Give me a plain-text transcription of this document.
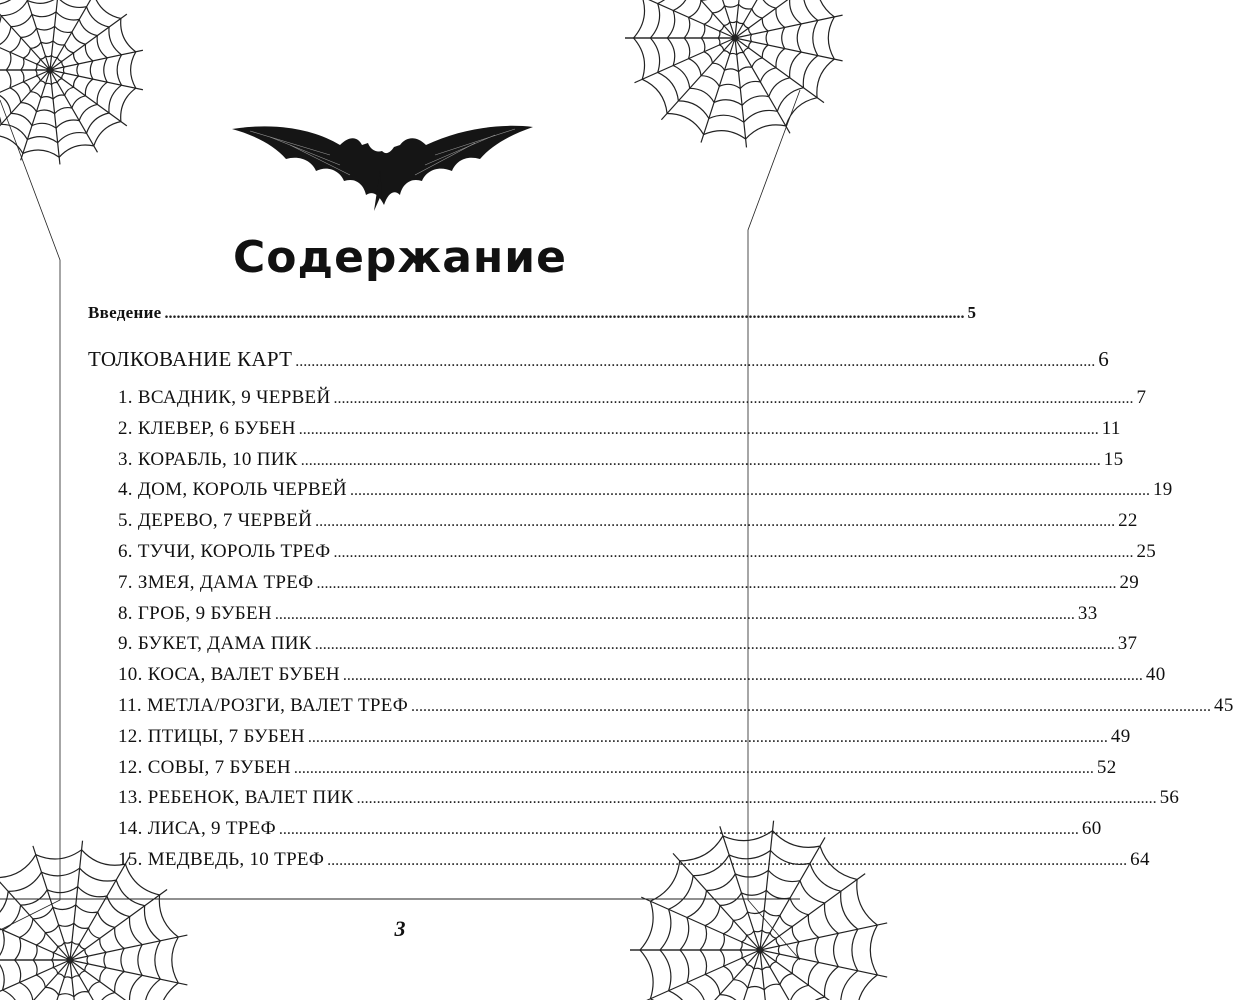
Содержание
Введение ........................................................................................................................................................................................................ 5
ТОЛКОВАНИЕ КАРТ ........................................................................................................................................................................................................ 6
1. ВСАДНИК, 9 ЧЕРВЕЙ ........................................................................................................................................................................................................ 7
2. КЛЕВЕР, 6 БУБЕН ........................................................................................................................................................................................................ 11
3. КОРАБЛЬ, 10 ПИК ........................................................................................................................................................................................................ 15
4. ДОМ, КОРОЛЬ ЧЕРВЕЙ ........................................................................................................................................................................................................ 19
5. ДЕРЕВО, 7 ЧЕРВЕЙ ........................................................................................................................................................................................................ 22
6. ТУЧИ, КОРОЛЬ ТРЕФ ........................................................................................................................................................................................................ 25
7. ЗМЕЯ, ДАМА ТРЕФ ........................................................................................................................................................................................................ 29
8. ГРОБ, 9 БУБЕН ........................................................................................................................................................................................................ 33
9. БУКЕТ, ДАМА ПИК ........................................................................................................................................................................................................ 37
10. КОСА, ВАЛЕТ БУБЕН ........................................................................................................................................................................................................ 40
11. МЕТЛА/РОЗГИ, ВАЛЕТ ТРЕФ ........................................................................................................................................................................................................ 45
12. ПТИЦЫ, 7 БУБЕН ........................................................................................................................................................................................................ 49
12. СОВЫ, 7 БУБЕН ........................................................................................................................................................................................................ 52
13. РЕБЕНОК, ВАЛЕТ ПИК ........................................................................................................................................................................................................ 56
14. ЛИСА, 9 ТРЕФ ........................................................................................................................................................................................................ 60
15. МЕДВЕДЬ, 10 ТРЕФ ........................................................................................................................................................................................................ 64
3
